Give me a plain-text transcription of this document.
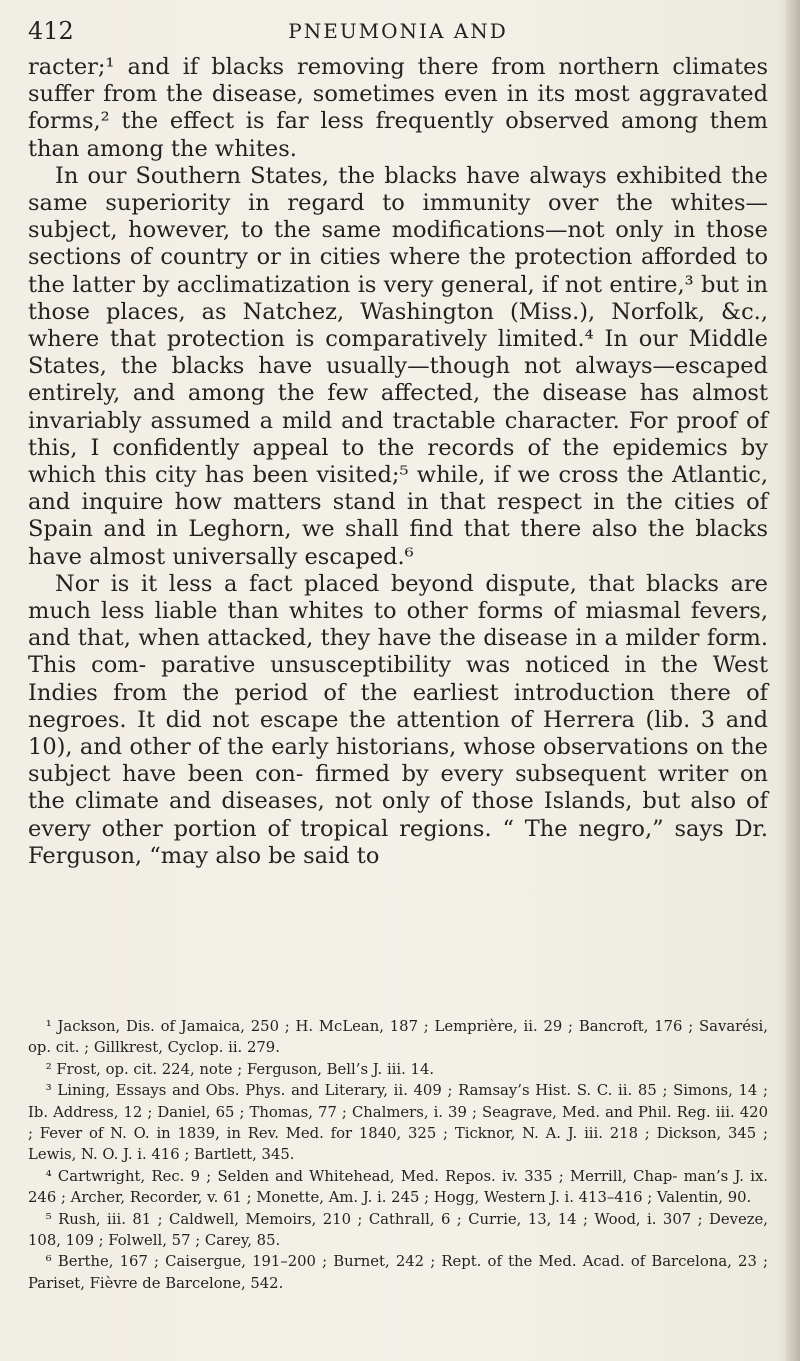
412	PNEUMONIA AND

racter;¹ and if blacks removing there from northern climates suffer from the disease, sometimes even in its most aggravated forms,² the effect is far less frequently observed among them than among the whites.

In our Southern States, the blacks have always exhibited the same superiority in regard to immunity over the whites—subject, however, to the same modifications—not only in those sections of country or in cities where the protection afforded to the latter by acclimatization is very general, if not entire,³ but in those places, as Natchez, Washington (Miss.), Norfolk, &c., where that protection is comparatively limited.⁴ In our Middle States, the blacks have usually—though not always—escaped entirely, and among the few affected, the disease has almost invariably assumed a mild and tractable character. For proof of this, I confidently appeal to the records of the epidemics by which this city has been visited;⁵ while, if we cross the Atlantic, and inquire how matters stand in that respect in the cities of Spain and in Leghorn, we shall find that there also the blacks have almost universally escaped.⁶

Nor is it less a fact placed beyond dispute, that blacks are much less liable than whites to other forms of miasmal fevers, and that, when attacked, they have the disease in a milder form. This com- parative unsusceptibility was noticed in the West Indies from the period of the earliest introduction there of negroes. It did not escape the attention of Herrera (lib. 3 and 10), and other of the early historians, whose observations on the subject have been con- firmed by every subsequent writer on the climate and diseases, not only of those Islands, but also of every other portion of tropical regions. “ The negro,” says Dr. Ferguson, “may also be said to

¹ Jackson, Dis. of Jamaica, 250 ; H. McLean, 187 ; Lemprière, ii. 29 ; Bancroft, 176 ; Savarési, op. cit. ; Gillkrest, Cyclop. ii. 279.

² Frost, op. cit. 224, note ; Ferguson, Bell’s J. iii. 14.

³ Lining, Essays and Obs. Phys. and Literary, ii. 409 ; Ramsay’s Hist. S. C. ii. 85 ; Simons, 14 ; Ib. Address, 12 ; Daniel, 65 ; Thomas, 77 ; Chalmers, i. 39 ; Seagrave, Med. and Phil. Reg. iii. 420 ; Fever of N. O. in 1839, in Rev. Med. for 1840, 325 ; Ticknor, N. A. J. iii. 218 ; Dickson, 345 ; Lewis, N. O. J. i. 416 ; Bartlett, 345.

⁴ Cartwright, Rec. 9 ; Selden and Whitehead, Med. Repos. iv. 335 ; Merrill, Chap- man’s J. ix. 246 ; Archer, Recorder, v. 61 ; Monette, Am. J. i. 245 ; Hogg, Western J. i. 413–416 ; Valentin, 90.

⁵ Rush, iii. 81 ; Caldwell, Memoirs, 210 ; Cathrall, 6 ; Currie, 13, 14 ; Wood, i. 307 ; Deveze, 108, 109 ; Folwell, 57 ; Carey, 85.

⁶ Berthe, 167 ; Caisergue, 191–200 ; Burnet, 242 ; Rept. of the Med. Acad. of Barcelona, 23 ; Pariset, Fièvre de Barcelone, 542.
